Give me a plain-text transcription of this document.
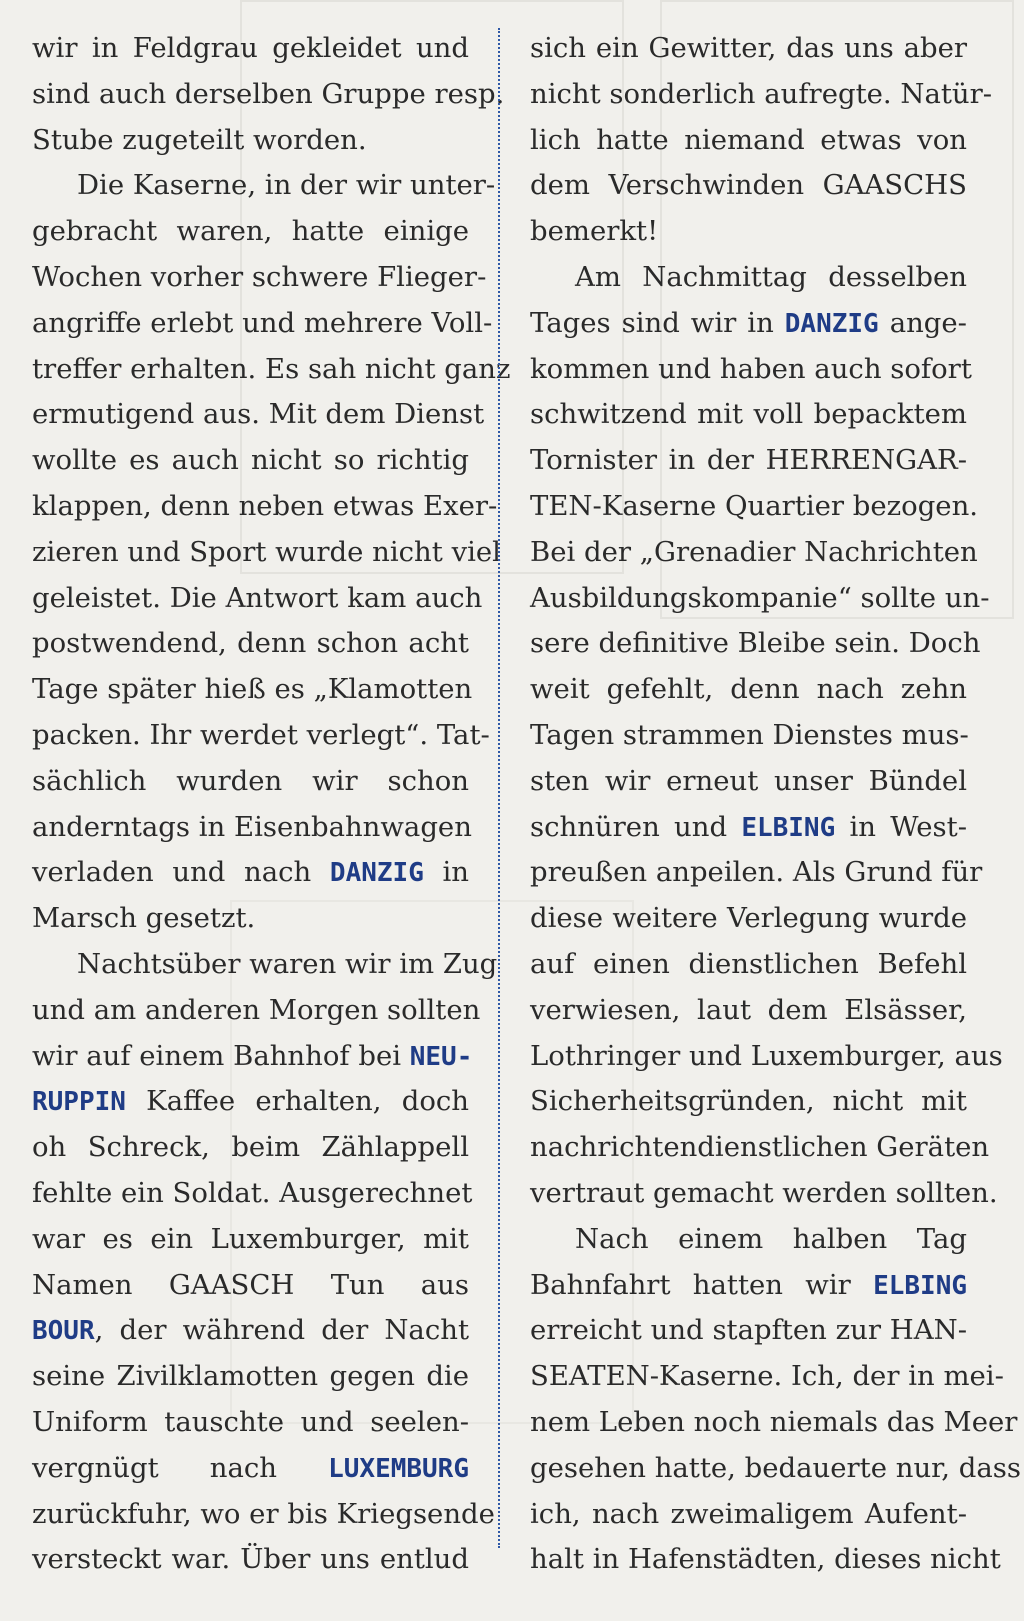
wir in Feldgrau gekleidet und
sind auch derselben Gruppe resp.
Stube zugeteilt worden.
Die Kaserne, in der wir unter-
gebracht waren, hatte einige
Wochen vorher schwere Flieger-
angriffe erlebt und mehrere Voll-
treffer erhalten. Es sah nicht ganz
ermutigend aus. Mit dem Dienst
wollte es auch nicht so richtig
klappen, denn neben etwas Exer-
zieren und Sport wurde nicht viel
geleistet. Die Antwort kam auch
postwendend, denn schon acht
Tage später hieß es „Klamotten
packen. Ihr werdet verlegt“. Tat-
sächlich wurden wir schon
anderntags in Eisenbahnwagen
verladen und nach DANZIG in
Marsch gesetzt.
Nachtsüber waren wir im Zug
und am anderen Morgen sollten
wir auf einem Bahnhof bei NEU-
RUPPIN Kaffee erhalten, doch
oh Schreck, beim Zählappell
fehlte ein Soldat. Ausgerechnet
war es ein Luxemburger, mit
Namen GAASCH Tun aus
BOUR, der während der Nacht
seine Zivilklamotten gegen die
Uniform tauschte und seelen-
vergnügt nach LUXEMBURG
zurückfuhr, wo er bis Kriegsende
versteckt war. Über uns entlud
sich ein Gewitter, das uns aber
nicht sonderlich aufregte. Natür-
lich hatte niemand etwas von
dem Verschwinden GAASCHS
bemerkt!
Am Nachmittag desselben
Tages sind wir in DANZIG ange-
kommen und haben auch sofort
schwitzend mit voll bepacktem
Tornister in der HERRENGAR-
TEN-Kaserne Quartier bezogen.
Bei der „Grenadier Nachrichten
Ausbildungskompanie“ sollte un-
sere definitive Bleibe sein. Doch
weit gefehlt, denn nach zehn
Tagen strammen Dienstes mus-
sten wir erneut unser Bündel
schnüren und ELBING in West-
preußen anpeilen. Als Grund für
diese weitere Verlegung wurde
auf einen dienstlichen Befehl
verwiesen, laut dem Elsässer,
Lothringer und Luxemburger, aus
Sicherheitsgründen, nicht mit
nachrichtendienstlichen Geräten
vertraut gemacht werden sollten.
Nach einem halben Tag
Bahnfahrt hatten wir ELBING
erreicht und stapften zur HAN-
SEATEN-Kaserne. Ich, der in mei-
nem Leben noch niemals das Meer
gesehen hatte, bedauerte nur, dass
ich, nach zweimaligem Aufent-
halt in Hafenstädten, dieses nicht
